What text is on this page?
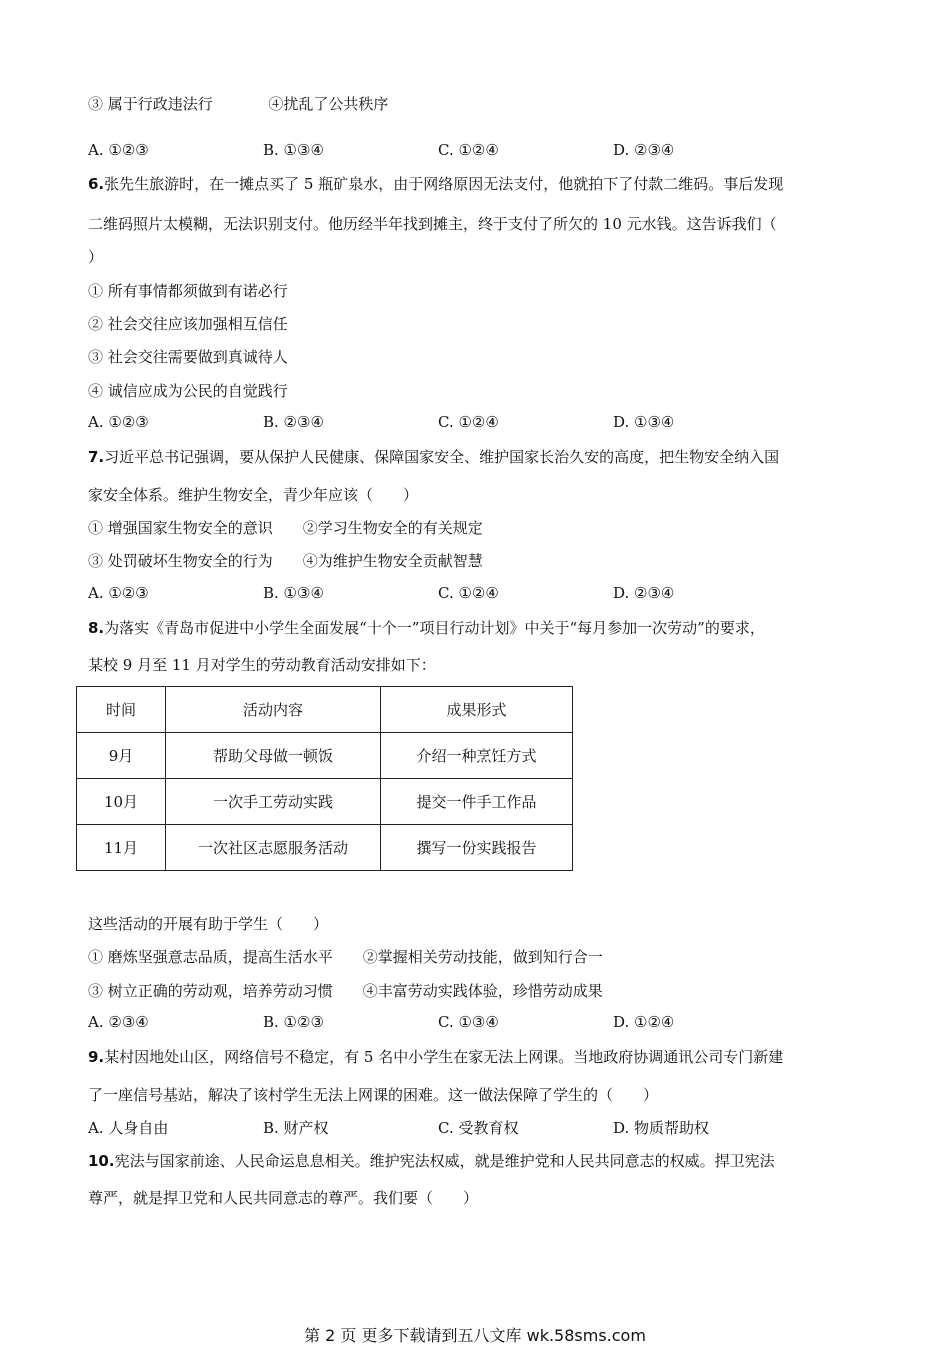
③ 属于行政违法行	④扰乱了公共秩序
A. ①②③	B. ①③④	C. ①②④	D. ②③④
6.张先生旅游时，在一摊点买了 5 瓶矿泉水，由于网络原因无法支付，他就拍下了付款二维码。事后发现
二维码照片太模糊，无法识别支付。他历经半年找到摊主，终于支付了所欠的 10 元水钱。这告诉我们（
）
① 所有事情都须做到有诺必行
② 社会交往应该加强相互信任
③ 社会交往需要做到真诚待人
④ 诚信应成为公民的自觉践行
A. ①②③	B. ②③④	C. ①②④	D. ①③④
7.习近平总书记强调，要从保护人民健康、保障国家安全、维护国家长治久安的高度，把生物安全纳入国
家安全体系。维护生物安全，青少年应该（　　）
① 增强国家生物安全的意识　　②学习生物安全的有关规定
③ 处罚破坏生物安全的行为　　④为维护生物安全贡献智慧
A. ①②③	B. ①③④	C. ①②④	D. ②③④
8.为落实《青岛市促进中小学生全面发展“十个一”项目行动计划》中关于“每月参加一次劳动”的要求，
某校 9 月至 11 月对学生的劳动教育活动安排如下：
时间	活动内容	成果形式
9月	帮助父母做一顿饭	介绍一种烹饪方式
10月	一次手工劳动实践	提交一件手工作品
11月	一次社区志愿服务活动	撰写一份实践报告
这些活动的开展有助于学生（　　）
① 磨炼坚强意志品质，提高生活水平　　②掌握相关劳动技能，做到知行合一
③ 树立正确的劳动观，培养劳动习惯　　④丰富劳动实践体验，珍惜劳动成果
A. ②③④	B. ①②③	C. ①③④	D. ①②④
9.某村因地处山区，网络信号不稳定，有 5 名中小学生在家无法上网课。当地政府协调通讯公司专门新建
了一座信号基站，解决了该村学生无法上网课的困难。这一做法保障了学生的（　　）
A. 人身自由	B. 财产权	C. 受教育权	D. 物质帮助权
10.宪法与国家前途、人民命运息息相关。维护宪法权威，就是维护党和人民共同意志的权威。捍卫宪法
尊严，就是捍卫党和人民共同意志的尊严。我们要（　　）
第 2 页 更多下载请到五八文库 wk.58sms.com
